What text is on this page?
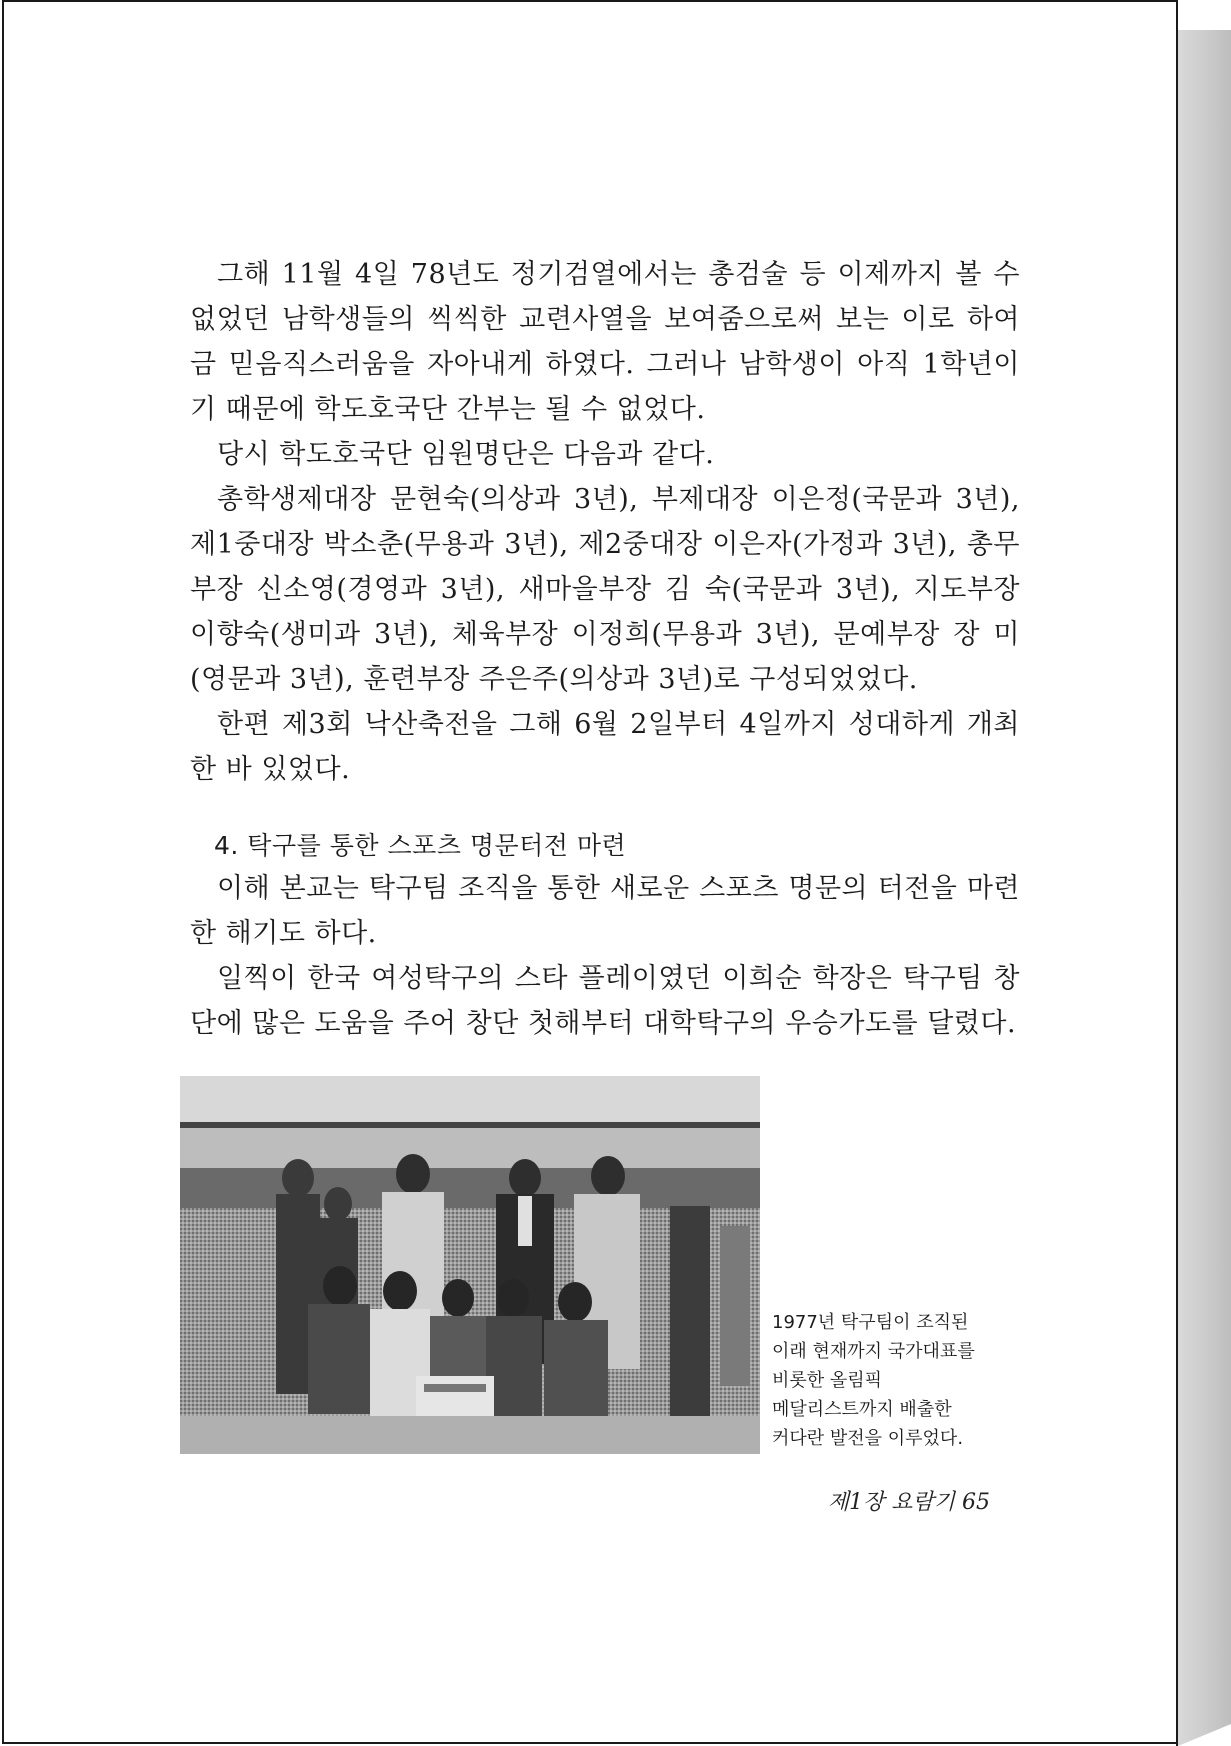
그해 11월 4일 78년도 정기검열에서는 총검술 등 이제까지 볼 수 없었던 남학생들의 씩씩한 교련사열을 보여줌으로써 보는 이로 하여금 믿음직스러움을 자아내게 하였다. 그러나 남학생이 아직 1학년이기 때문에 학도호국단 간부는 될 수 없었다.

당시 학도호국단 임원명단은 다음과 같다.

총학생제대장 문현숙(의상과 3년), 부제대장 이은정(국문과 3년), 제1중대장 박소춘(무용과 3년), 제2중대장 이은자(가정과 3년), 총무부장 신소영(경영과 3년), 새마을부장 김 숙(국문과 3년), 지도부장 이향숙(생미과 3년), 체육부장 이정희(무용과 3년), 문예부장 장 미(영문과 3년), 훈련부장 주은주(의상과 3년)로 구성되었었다.

한편 제3회 낙산축전을 그해 6월 2일부터 4일까지 성대하게 개최한 바 있었다.

4. 탁구를 통한 스포츠 명문터전 마련

이해 본교는 탁구팀 조직을 통한 새로운 스포츠 명문의 터전을 마련한 해기도 하다.

일찍이 한국 여성탁구의 스타 플레이였던 이희순 학장은 탁구팀 창단에 많은 도움을 주어 창단 첫해부터 대학탁구의 우승가도를 달렸다.

1977년 탁구팀이 조직된

이래 현재까지 국가대표를

비롯한 올림픽

메달리스트까지 배출한

커다란 발전을 이루었다.

제1장 요람기 65
